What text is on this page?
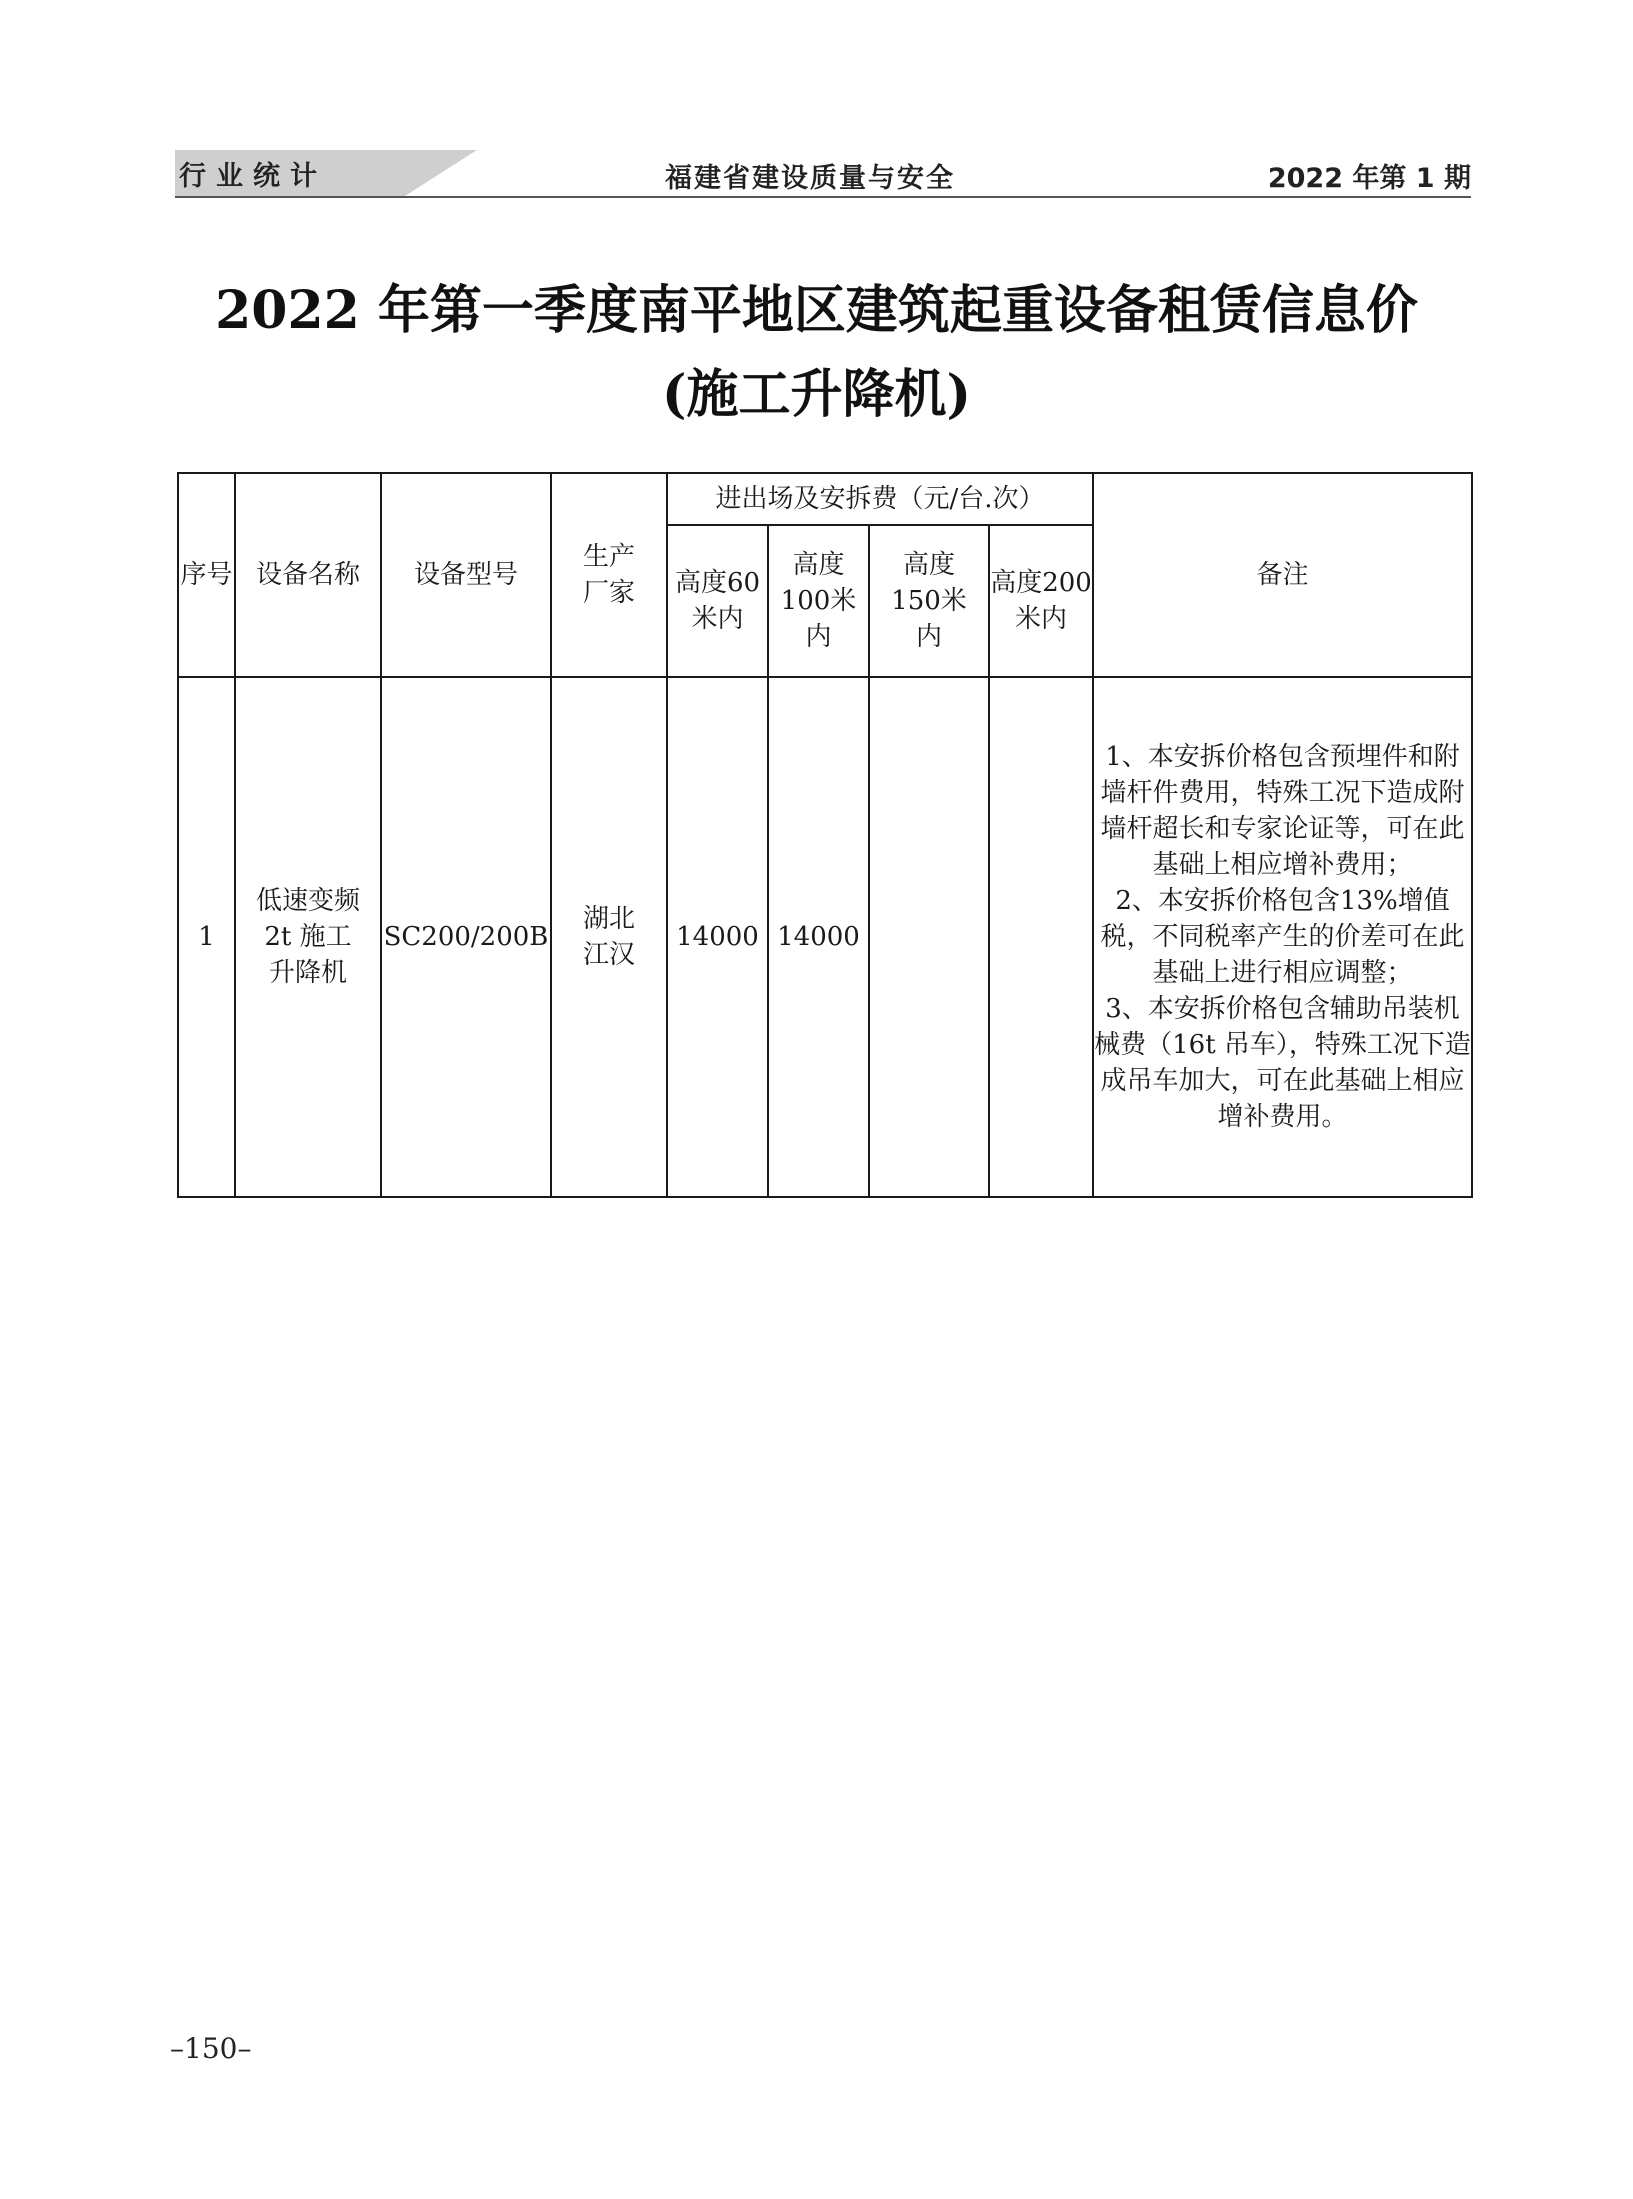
行业统计	福建省建设质量与安全	2022 年第 1 期
2022 年第一季度南平地区建筑起重设备租赁信息价
(施工升降机)
序号	设备名称	设备型号	生产厂家	进出场及安拆费（元/台.次）				备注
				高度60米内	高度100米内	高度150米内	高度200米内	
1	低速变频2t 施工升降机	SC200/200B	湖北江汉	14000	14000			1、本安拆价格包含预埋件和附墙杆件费用，特殊工况下造成附墙杆超长和专家论证等，可在此基础上相应增补费用；
2、本安拆价格包含13%增值税，不同税率产生的价差可在此基础上进行相应调整；
3、本安拆价格包含辅助吊装机械费（16t 吊车），特殊工况下造成吊车加大，可在此基础上相应增补费用。
–150–
